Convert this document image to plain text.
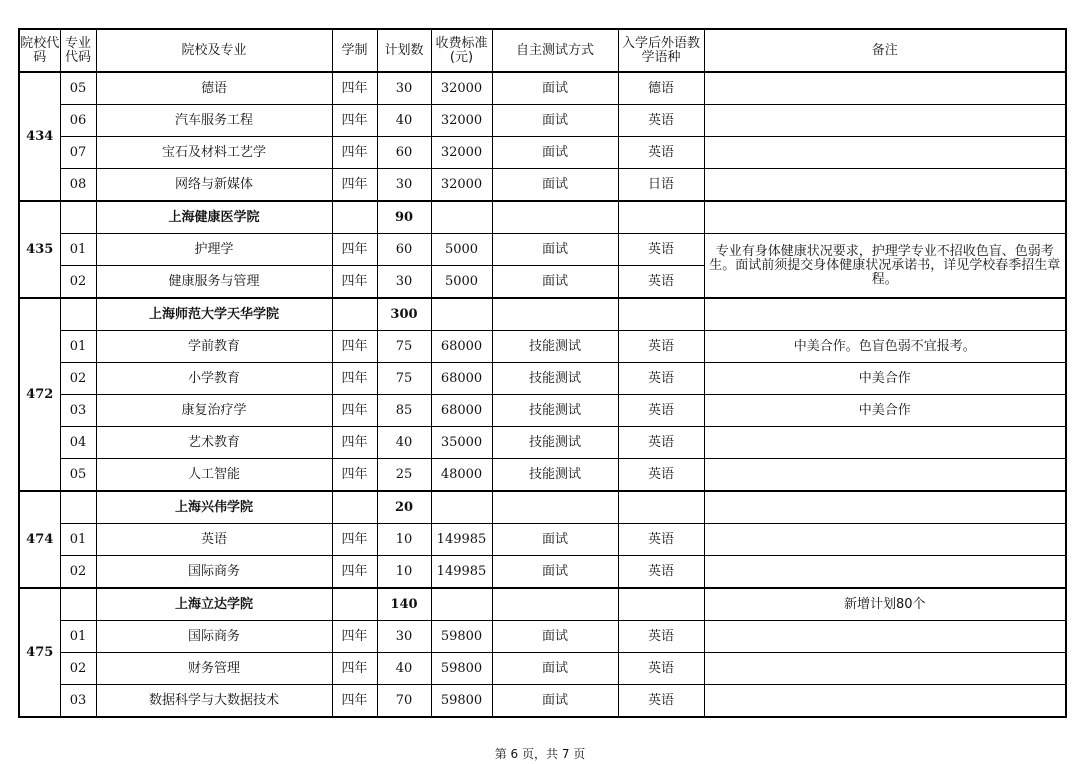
院校代码	专业代码	院校及专业	学制	计划数	收费标准(元)	自主测试方式	入学后外语教学语种	备注
434	05	德语	四年	30	32000	面试	德语	
	06	汽车服务工程	四年	40	32000	面试	英语	
	07	宝石及材料工艺学	四年	60	32000	面试	英语	
	08	网络与新媒体	四年	30	32000	面试	日语	
435		上海健康医学院		90				
	01	护理学	四年	60	5000	面试	英语	专业有身体健康状况要求，护理学专业不招收色盲、色弱考生。面试前须提交身体健康状况承诺书，详见学校春季招生章程。
	02	健康服务与管理	四年	30	5000	面试	英语	
472		上海师范大学天华学院		300				
	01	学前教育	四年	75	68000	技能测试	英语	中美合作。色盲色弱不宜报考。
	02	小学教育	四年	75	68000	技能测试	英语	中美合作
	03	康复治疗学	四年	85	68000	技能测试	英语	中美合作
	04	艺术教育	四年	40	35000	技能测试	英语	
	05	人工智能	四年	25	48000	技能测试	英语	
474		上海兴伟学院		20				
	01	英语	四年	10	149985	面试	英语	
	02	国际商务	四年	10	149985	面试	英语	
475		上海立达学院		140				新增计划80个
	01	国际商务	四年	30	59800	面试	英语	
	02	财务管理	四年	40	59800	面试	英语	
	03	数据科学与大数据技术	四年	70	59800	面试	英语	
第 6 页，共 7 页
